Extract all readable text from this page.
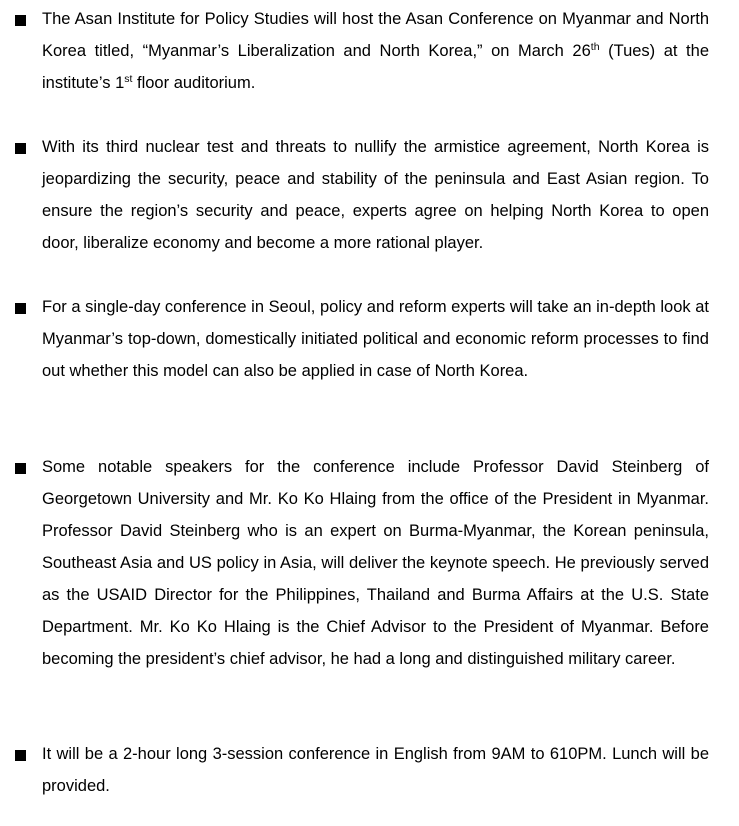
The Asan Institute for Policy Studies will host the Asan Conference on Myanmar and North Korea titled, “Myanmar’s Liberalization and North Korea,” on March 26th (Tues) at the institute’s 1st floor auditorium.

With its third nuclear test and threats to nullify the armistice agreement, North Korea is jeopardizing the security, peace and stability of the peninsula and East Asian region. To ensure the region’s security and peace, experts agree on helping North Korea to open door, liberalize economy and become a more rational player.

For a single-day conference in Seoul, policy and reform experts will take an in-depth look at Myanmar’s top-down, domestically initiated political and economic reform processes to find out whether this model can also be applied in case of North Korea.

Some notable speakers for the conference include Professor David Steinberg of Georgetown University and Mr. Ko Ko Hlaing from the office of the President in Myanmar. Professor David Steinberg who is an expert on Burma-Myanmar, the Korean peninsula, Southeast Asia and US policy in Asia, will deliver the keynote speech. He previously served as the USAID Director for the Philippines, Thailand and Burma Affairs at the U.S. State Department. Mr. Ko Ko Hlaing is the Chief Advisor to the President of Myanmar. Before becoming the president’s chief advisor, he had a long and distinguished military career.

It will be a 2-hour long 3-session conference in English from 9AM to 610PM. Lunch will be provided.
